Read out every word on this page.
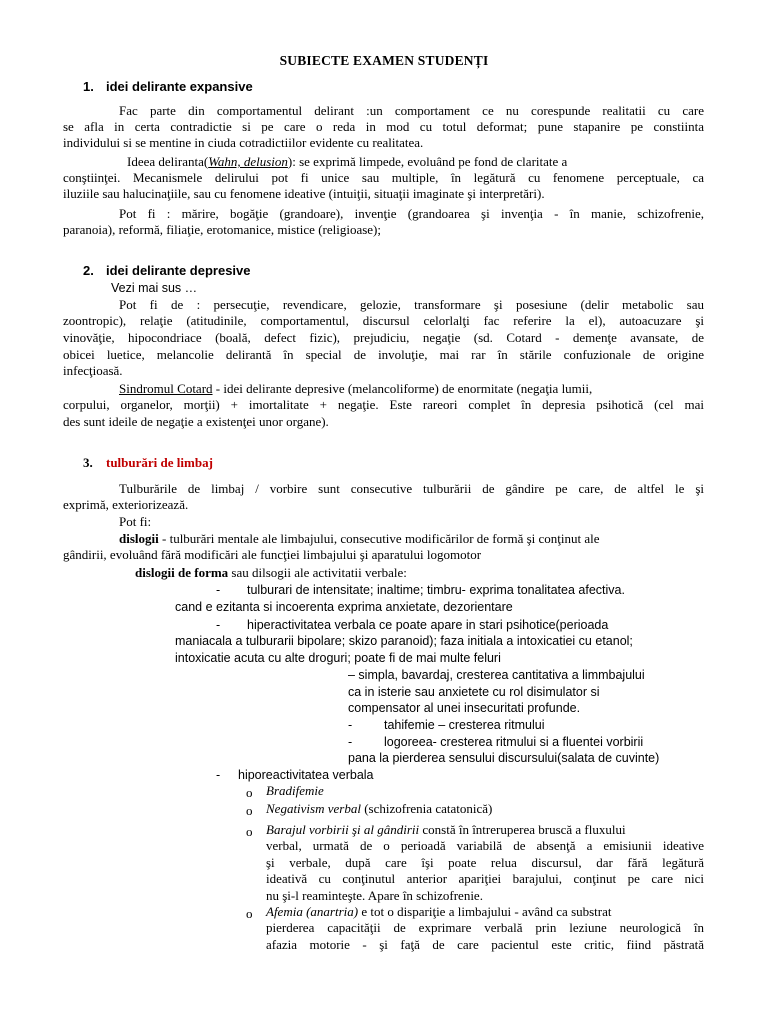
SUBIECTE EXAMEN STUDENȚI
1. idei delirante expansive
Fac parte din comportamentul delirant :un comportament ce nu corespunde realitatii cu care
se afla in certa contradictie si pe care o reda in mod cu totul deformat; pune stapanire pe constiinta
individului si se mentine in ciuda cotradictiilor evidente cu realitatea.
Ideea deliranta(Wahn, delusion): se exprimă limpede, evoluând pe fond de claritate a
conştiinţei. Mecanismele delirului pot fi unice sau multiple, în legătură cu fenomene perceptuale, ca
iluziile sau halucinaţiile, sau cu fenomene ideative (intuiţii, situaţii imaginate şi interpretări).
Pot fi : mărire, bogăţie (grandoare), invenţie (grandoarea şi invenţia - în manie, schizofrenie,
paranoia), reformă, filiaţie, erotomanice, mistice (religioase);
2. idei delirante depresive
Vezi mai sus …
Pot fi de : persecuţie, revendicare, gelozie, transformare şi posesiune (delir metabolic sau
zoontropic), relaţie (atitudinile, comportamentul, discursul celorlalţi fac referire la el), autoacuzare şi
vinovăţie, hipocondriace (boală, defect fizic), prejudiciu, negaţie (sd. Cotard - demenţe avansate, de
obicei luetice, melancolie delirantă în special de involuţie, mai rar în stările confuzionale de origine
infecţioasă.
Sindromul Cotard - idei delirante depresive (melancoliforme) de enormitate (negaţia lumii,
corpului, organelor, morţii) + imortalitate + negaţie. Este rareori complet în depresia psihotică (cel mai
des sunt ideile de negaţie a existenţei unor organe).
3. tulburări de limbaj
Tulburările de limbaj / vorbire sunt consecutive tulburării de gândire pe care, de altfel le şi
exprimă, exteriorizează.
Pot fi:
dislogii - tulburări mentale ale limbajului, consecutive modificărilor de formă şi conţinut ale
gândirii, evoluând fără modificări ale funcţiei limbajului şi aparatului logomotor
dislogii de forma sau dilsogii ale activitatii verbale:
- tulburari de intensitate; inaltime; timbru- exprima tonalitatea afectiva.
cand e ezitanta si incoerenta exprima anxietate, dezorientare
- hiperactivitatea verbala ce poate apare in stari psihotice(perioada
maniacala a tulburarii bipolare; skizo paranoid); faza initiala a intoxicatiei cu etanol;
intoxicatie acuta cu alte droguri; poate fi de mai multe feluri
– simpla, bavardaj, cresterea cantitativa a limmbajului
ca in isterie sau anxietete cu rol disimulator si
compensator al unei insecuritati profunde.
-	tahifemie – cresterea ritmului
-	logoreea- cresterea ritmului si a fluentei vorbirii
pana la pierderea sensului discursului(salata de cuvinte)
- hiporeactivitatea verbala
o Bradifemie
o Negativism verbal (schizofrenia catatonică)
o Barajul vorbirii şi al gândirii constă în întreruperea bruscă a fluxului
verbal, urmată de o perioadă variabilă de absenţă a emisiunii ideative
şi verbale, după care îşi poate relua discursul, dar fără legătură
ideativă cu conţinutul anterior apariţiei barajului, conţinut pe care nici
nu şi-l reaminteşte. Apare în schizofrenie.
o Afemia (anartria) e tot o dispariţie a limbajului - având ca substrat
pierderea capacităţii de exprimare verbală prin leziune neurologică în
afazia motorie - şi faţă de care pacientul este critic, fiind păstrată
